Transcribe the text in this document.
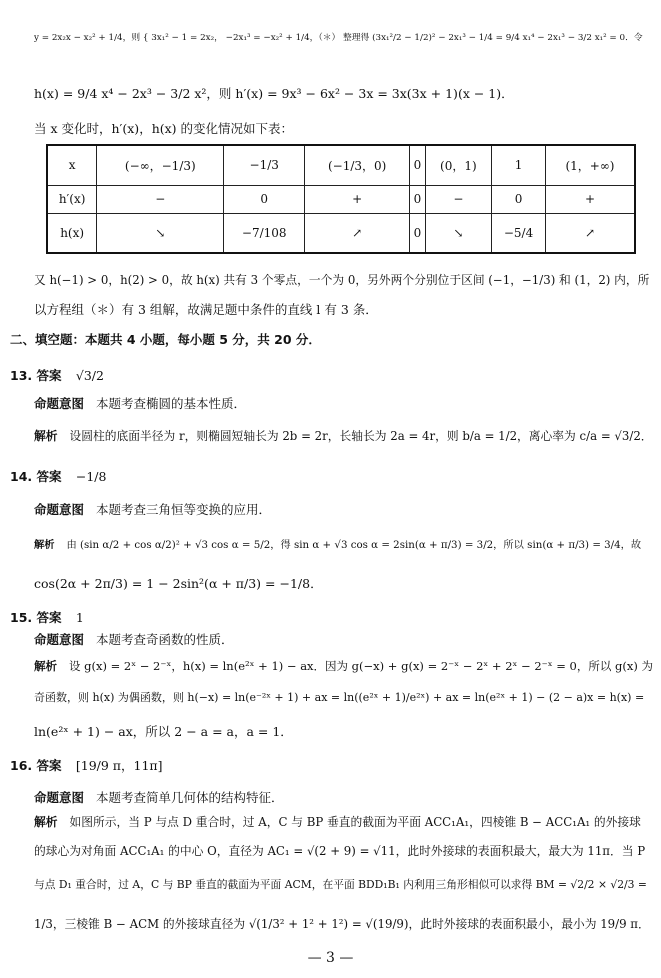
y = 2x₂x − x₂² + 1/4，则 { 3x₁² − 1 = 2x₂， −2x₁³ = −x₂² + 1/4，（＊） 整理得 (3x₁²/2 − 1/2)² − 2x₁³ − 1/4 = 9/4 x₁⁴ − 2x₁³ − 3/2 x₁² = 0．令
h(x) = 9/4 x⁴ − 2x³ − 3/2 x²，则 h′(x) = 9x³ − 6x² − 3x = 3x(3x + 1)(x − 1)．
当 x 变化时，h′(x)，h(x) 的变化情况如下表：
x	(−∞，−1/3)	−1/3	(−1/3，0)	0	(0，1)	1	(1，+∞)
h′(x)	−	0	+	0	−	0	+
h(x)	↘	−7/108	↗	0	↘	−5/4	↗
又 h(−1) > 0，h(2) > 0，故 h(x) 共有 3 个零点，一个为 0，另外两个分别位于区间 (−1，−1/3) 和 (1，2) 内，所
以方程组（＊）有 3 组解，故满足题中条件的直线 l 有 3 条．
二、填空题：本题共 4 小题，每小题 5 分，共 20 分．
13. 答案 √3/2
命题意图 本题考查椭圆的基本性质．
解析 设圆柱的底面半径为 r，则椭圆短轴长为 2b = 2r，长轴长为 2a = 4r，则 b/a = 1/2，离心率为 c/a = √3/2．
14. 答案 −1/8
命题意图 本题考查三角恒等变换的应用．
解析 由 (sin α/2 + cos α/2)² + √3 cos α = 5/2，得 sin α + √3 cos α = 2sin(α + π/3) = 3/2，所以 sin(α + π/3) = 3/4，故
cos(2α + 2π/3) = 1 − 2sin²(α + π/3) = −1/8．
15. 答案 1
命题意图 本题考查奇函数的性质．
解析 设 g(x) = 2ˣ − 2⁻ˣ，h(x) = ln(e²ˣ + 1) − ax．因为 g(−x) + g(x) = 2⁻ˣ − 2ˣ + 2ˣ − 2⁻ˣ = 0，所以 g(x) 为
奇函数，则 h(x) 为偶函数，则 h(−x) = ln(e⁻²ˣ + 1) + ax = ln((e²ˣ + 1)/e²ˣ) + ax = ln(e²ˣ + 1) − (2 − a)x = h(x) =
ln(e²ˣ + 1) − ax，所以 2 − a = a，a = 1．
16. 答案 [19/9 π，11π]
命题意图 本题考查简单几何体的结构特征．
解析 如图所示，当 P 与点 D 重合时，过 A，C 与 BP 垂直的截面为平面 ACC₁A₁，四棱锥 B − ACC₁A₁ 的外接球
的球心为对角面 ACC₁A₁ 的中心 O，直径为 AC₁ = √(2 + 9) = √11，此时外接球的表面积最大，最大为 11π．当 P
与点 D₁ 重合时，过 A，C 与 BP 垂直的截面为平面 ACM，在平面 BDD₁B₁ 内利用三角形相似可以求得 BM = √2/2 × √2/3 =
1/3，三棱锥 B − ACM 的外接球直径为 √(1/3² + 1² + 1²) = √(19/9)，此时外接球的表面积最小，最小为 19/9 π．
— 3 —
